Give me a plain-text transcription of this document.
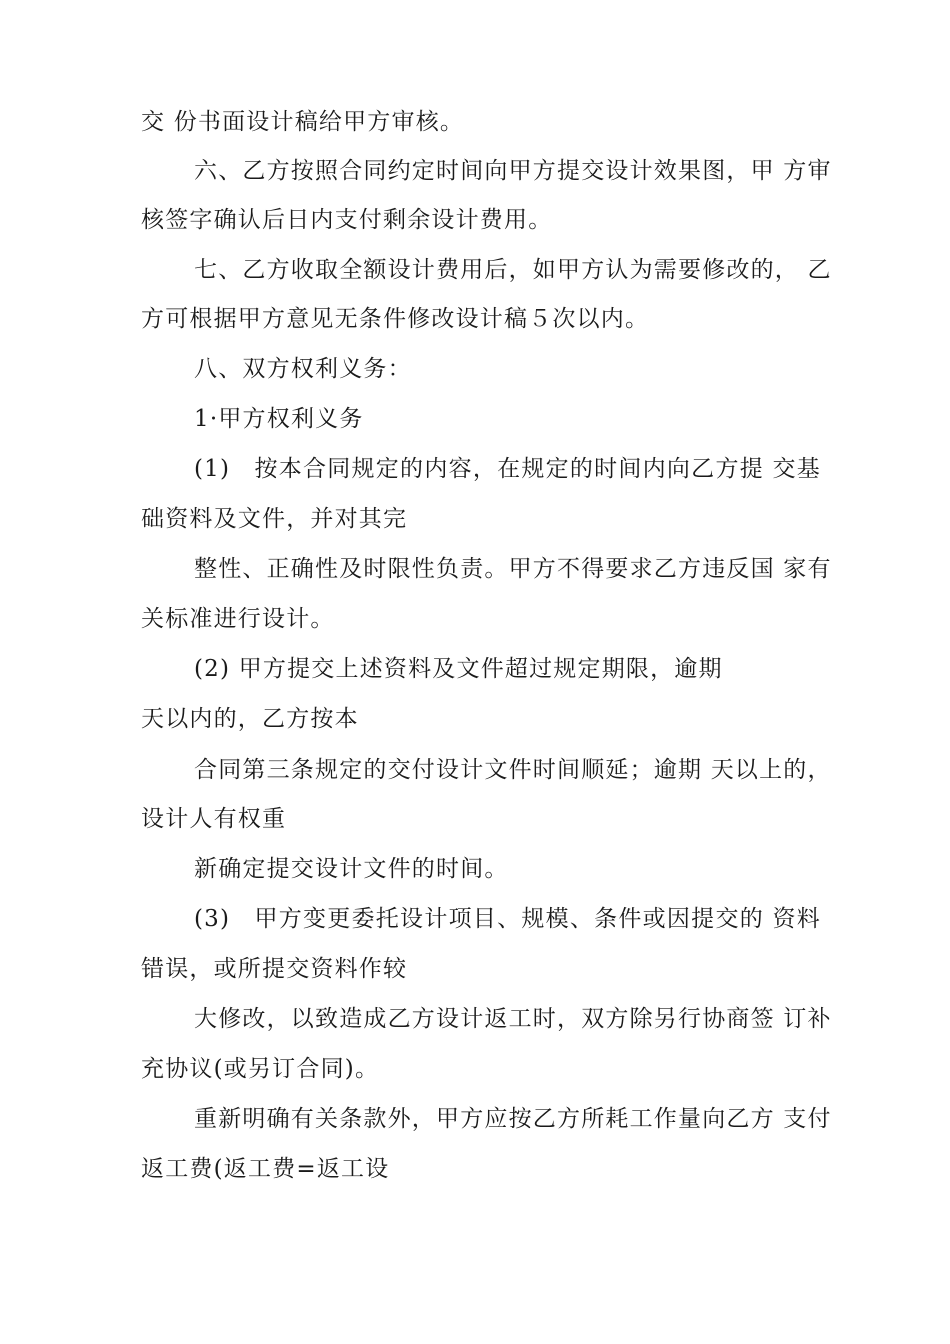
交 份书面设计稿给甲方审核。
六、乙方按照合同约定时间向甲方提交设计效果图，甲 方审
核签字确认后日内支付剩余设计费用。
七、乙方收取全额设计费用后，如甲方认为需要修改的， 乙
方可根据甲方意见无条件修改设计稿５次以内。
八、双方权利义务：
1·甲方权利义务
(1)　按本合同规定的内容，在规定的时间内向乙方提 交基
础资料及文件，并对其完
整性、正确性及时限性负责。甲方不得要求乙方违反国 家有
关标准进行设计。
(2) 甲方提交上述资料及文件超过规定期限，逾期
天以内的，乙方按本
合同第三条规定的交付设计文件时间顺延；逾期 天以上的，
设计人有权重
新确定提交设计文件的时间。
(3)　甲方变更委托设计项目、规模、条件或因提交的 资料
错误，或所提交资料作较
大修改，以致造成乙方设计返工时，双方除另行协商签 订补
充协议(或另订合同)。
重新明确有关条款外，甲方应按乙方所耗工作量向乙方 支付
返工费(返工费=返工设
